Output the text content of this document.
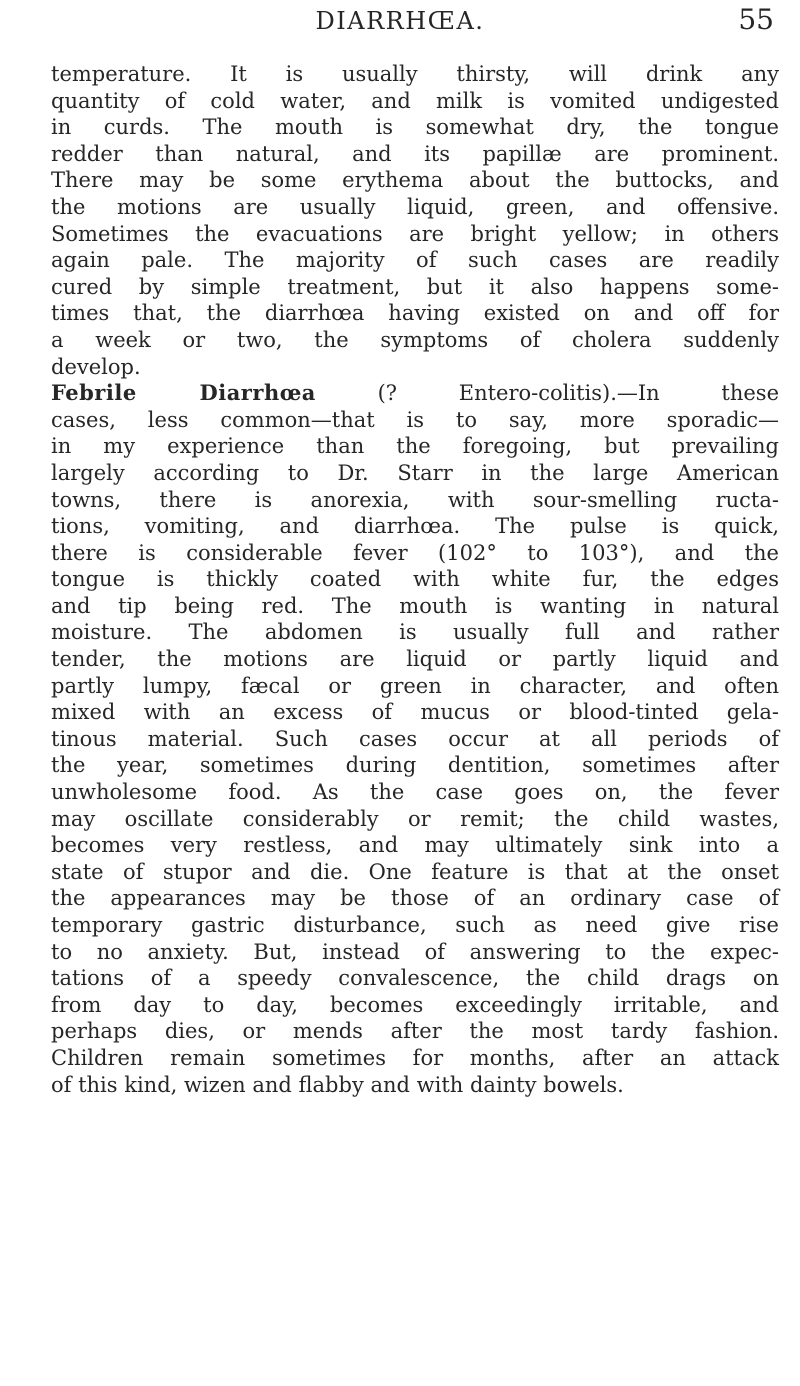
DIARRHŒA.	55
temperature. It is usually thirsty, will drink any
quantity of cold water, and milk is vomited undigested
in curds. The mouth is somewhat dry, the tongue
redder than natural, and its papillæ are prominent.
There may be some erythema about the buttocks, and
the motions are usually liquid, green, and offensive.
Sometimes the evacuations are bright yellow; in others
again pale. The majority of such cases are readily
cured by simple treatment, but it also happens some-
times that, the diarrhœa having existed on and off for
a week or two, the symptoms of cholera suddenly
develop.
Febrile Diarrhœa (? Entero-colitis).—In these
cases, less common—that is to say, more sporadic—
in my experience than the foregoing, but prevailing
largely according to Dr. Starr in the large American
towns, there is anorexia, with sour-smelling ructa-
tions, vomiting, and diarrhœa. The pulse is quick,
there is considerable fever (102° to 103°), and the
tongue is thickly coated with white fur, the edges
and tip being red. The mouth is wanting in natural
moisture. The abdomen is usually full and rather
tender, the motions are liquid or partly liquid and
partly lumpy, fæcal or green in character, and often
mixed with an excess of mucus or blood-tinted gela-
tinous material. Such cases occur at all periods of
the year, sometimes during dentition, sometimes after
unwholesome food. As the case goes on, the fever
may oscillate considerably or remit; the child wastes,
becomes very restless, and may ultimately sink into a
state of stupor and die. One feature is that at the onset
the appearances may be those of an ordinary case of
temporary gastric disturbance, such as need give rise
to no anxiety. But, instead of answering to the expec-
tations of a speedy convalescence, the child drags on
from day to day, becomes exceedingly irritable, and
perhaps dies, or mends after the most tardy fashion.
Children remain sometimes for months, after an attack
of this kind, wizen and flabby and with dainty bowels.
